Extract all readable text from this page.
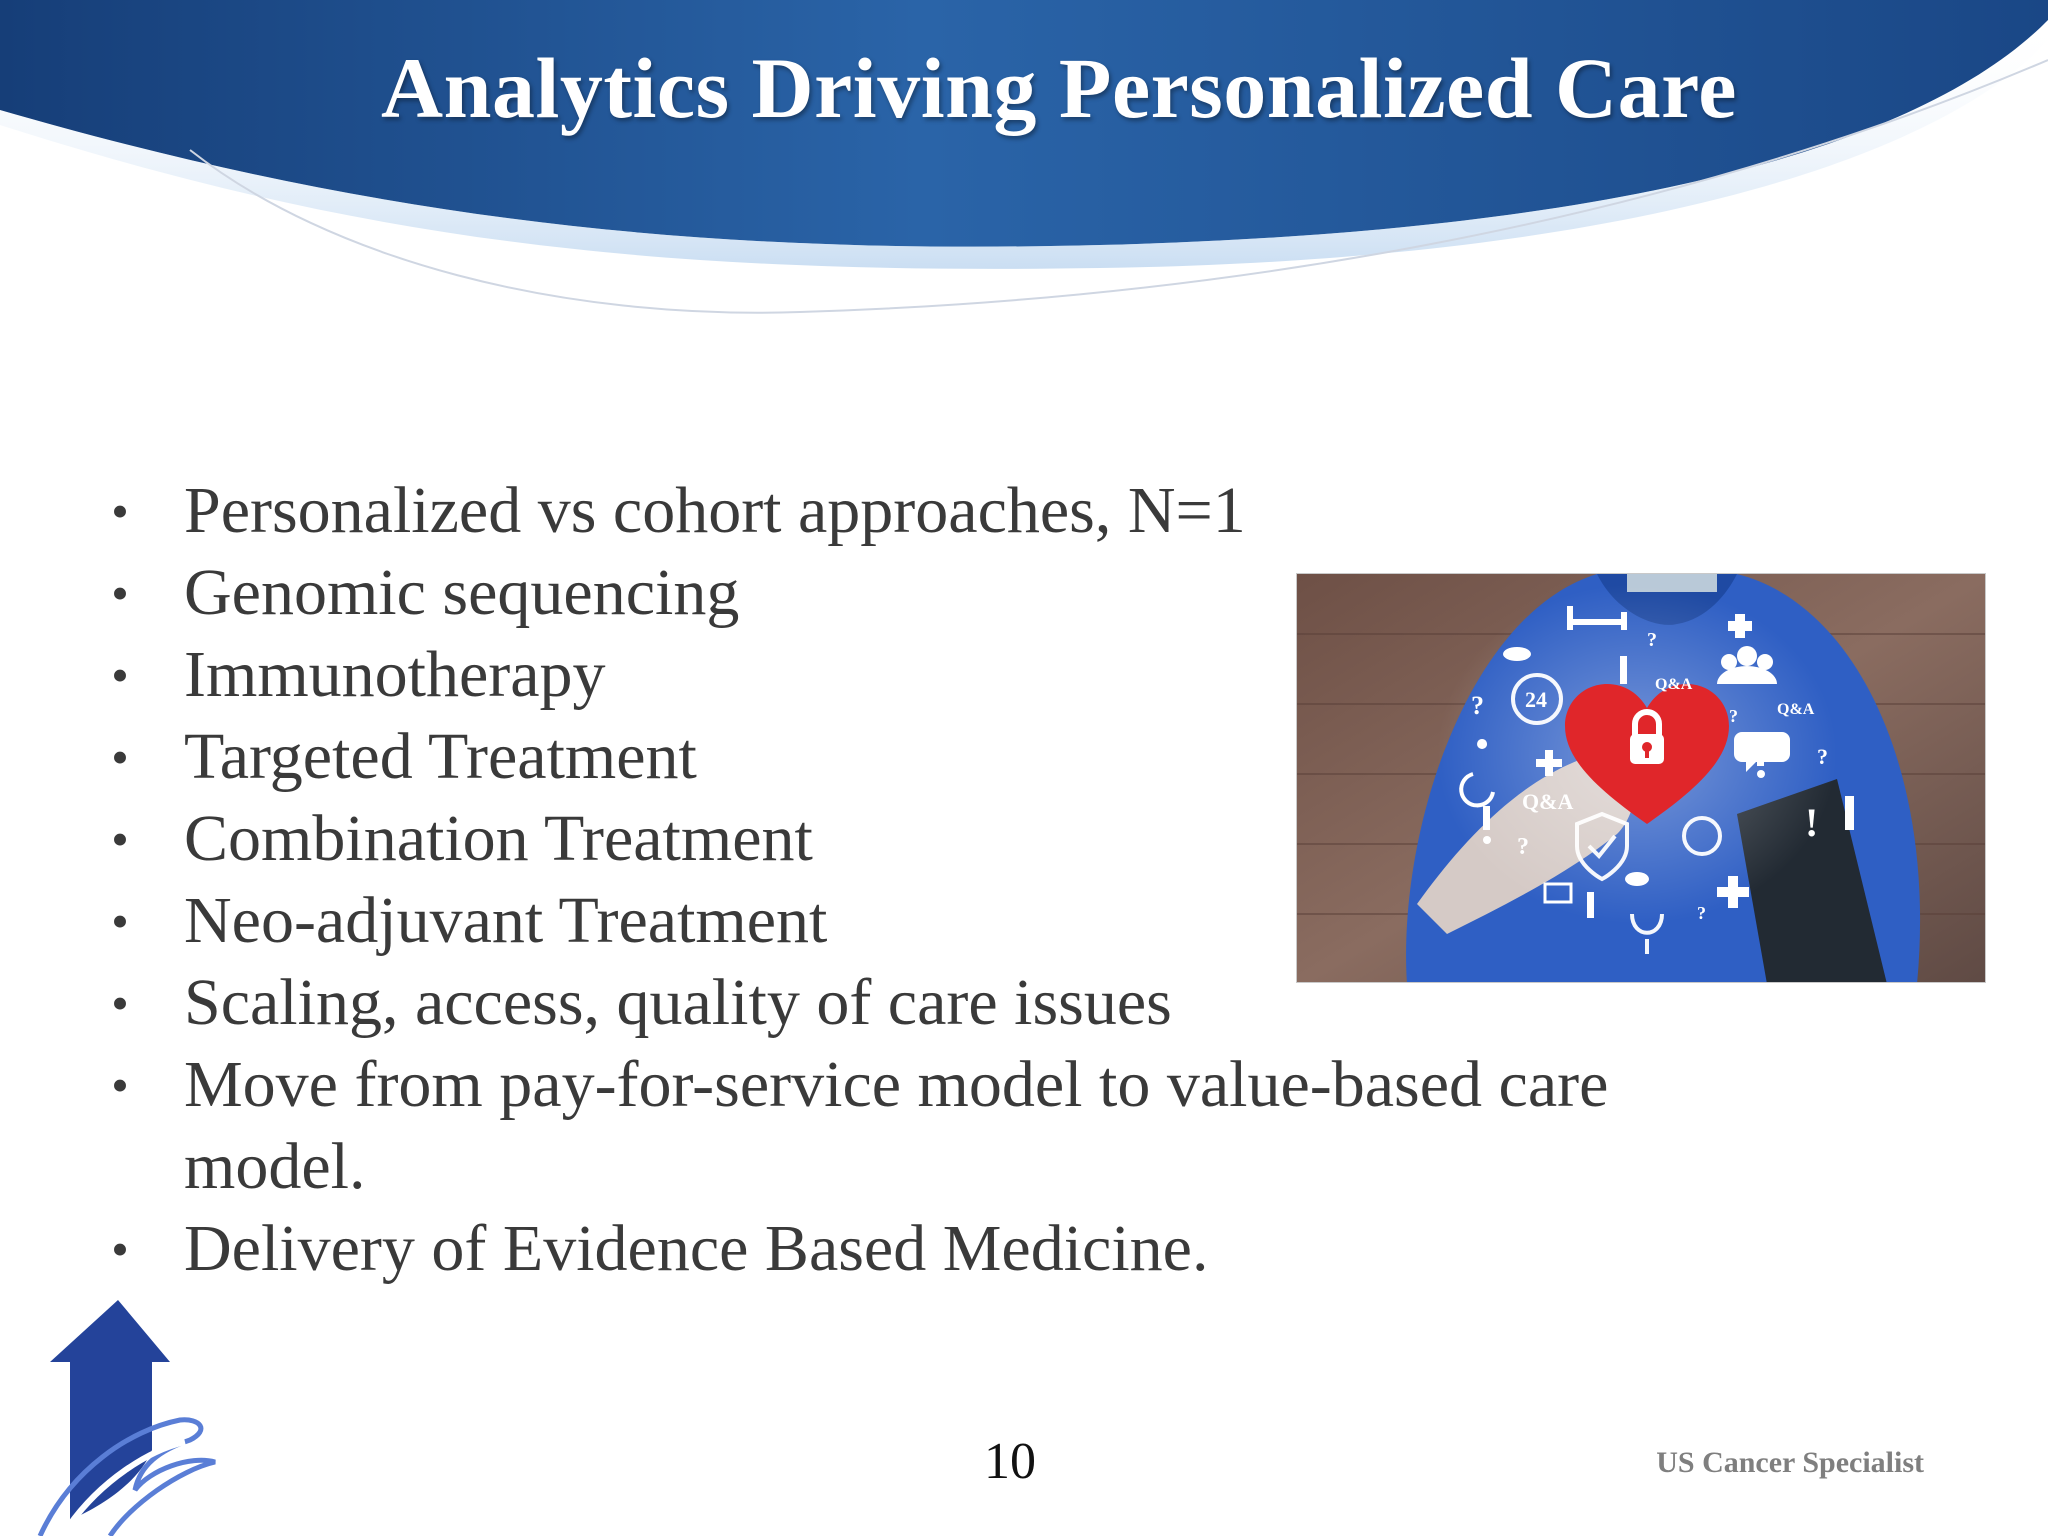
Analytics Driving Personalized Care
• Personalized vs cohort approaches, N=1
• Genomic sequencing
• Immunotherapy
• Targeted Treatment
• Combination Treatment
• Neo-adjuvant Treatment
• Scaling, access, quality of care issues
• Move from pay-for-service model to value-based care model.
• Delivery of Evidence Based Medicine.
24
Q&A
Q&A
Q&A
?
?
?
?
?
?
!
10	US Cancer Specialist
